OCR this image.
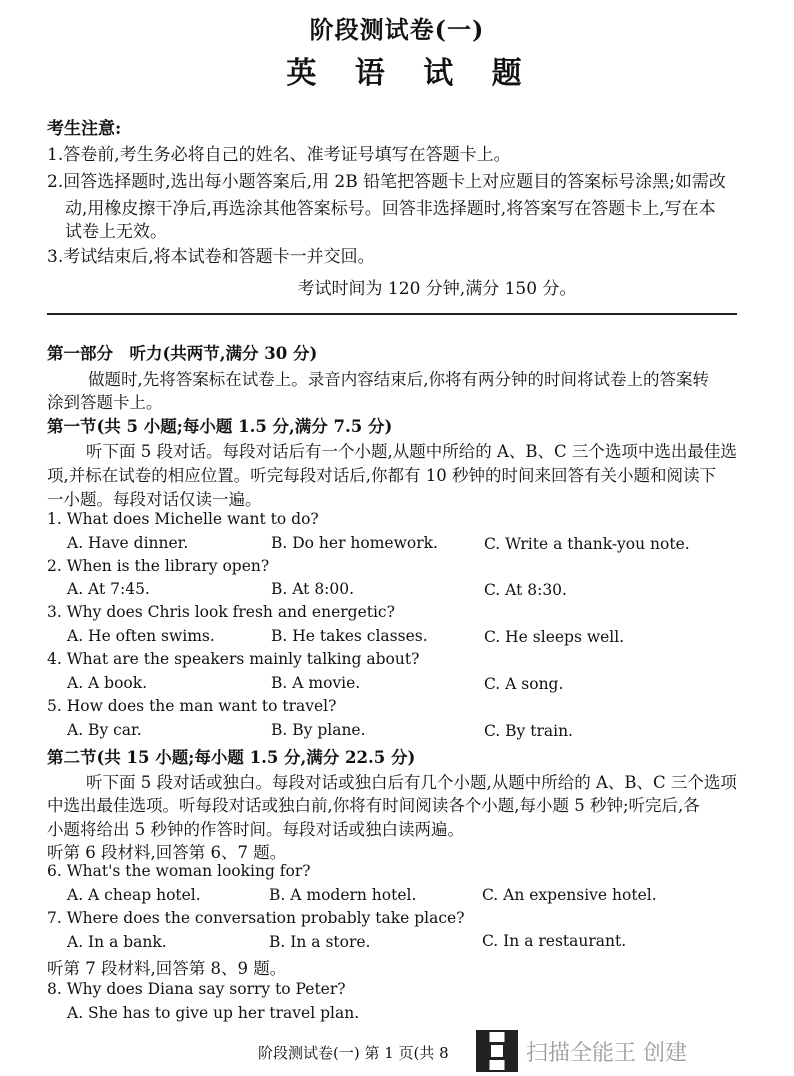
阶段测试卷(一)
英 语 试 题
考生注意:
1.答卷前,考生务必将自己的姓名、准考证号填写在答题卡上。
2.回答选择题时,选出每小题答案后,用 2B 铅笔把答题卡上对应题目的答案标号涂黑;如需改
动,用橡皮擦干净后,再选涂其他答案标号。回答非选择题时,将答案写在答题卡上,写在本
试卷上无效。
3.考试结束后,将本试卷和答题卡一并交回。
考试时间为 120 分钟,满分 150 分。
第一部分　听力(共两节,满分 30 分)
做题时,先将答案标在试卷上。录音内容结束后,你将有两分钟的时间将试卷上的答案转
涂到答题卡上。
第一节(共 5 小题;每小题 1.5 分,满分 7.5 分)
听下面 5 段对话。每段对话后有一个小题,从题中所给的 A、B、C 三个选项中选出最佳选
项,并标在试卷的相应位置。听完每段对话后,你都有 10 秒钟的时间来回答有关小题和阅读下
一小题。每段对话仅读一遍。
1. What does Michelle want to do?
A. Have dinner.	B. Do her homework.	C. Write a thank-you note.
2. When is the library open?
A. At 7:45.	B. At 8:00.	C. At 8:30.
3. Why does Chris look fresh and energetic?
A. He often swims.	B. He takes classes.	C. He sleeps well.
4. What are the speakers mainly talking about?
A. A book.	B. A movie.	C. A song.
5. How does the man want to travel?
A. By car.	B. By plane.	C. By train.
第二节(共 15 小题;每小题 1.5 分,满分 22.5 分)
听下面 5 段对话或独白。每段对话或独白后有几个小题,从题中所给的 A、B、C 三个选项
中选出最佳选项。听每段对话或独白前,你将有时间阅读各个小题,每小题 5 秒钟;听完后,各
小题将给出 5 秒钟的作答时间。每段对话或独白读两遍。
听第 6 段材料,回答第 6、7 题。
6. What's the woman looking for?
A. A cheap hotel.	B. A modern hotel.	C. An expensive hotel.
7. Where does the conversation probably take place?
A. In a bank.	B. In a store.	C. In a restaurant.
听第 7 段材料,回答第 8、9 题。
8. Why does Diana say sorry to Peter?
A. She has to give up her travel plan.
阶段测试卷(一) 第 1 页(共 8	扫描全能王 创建
